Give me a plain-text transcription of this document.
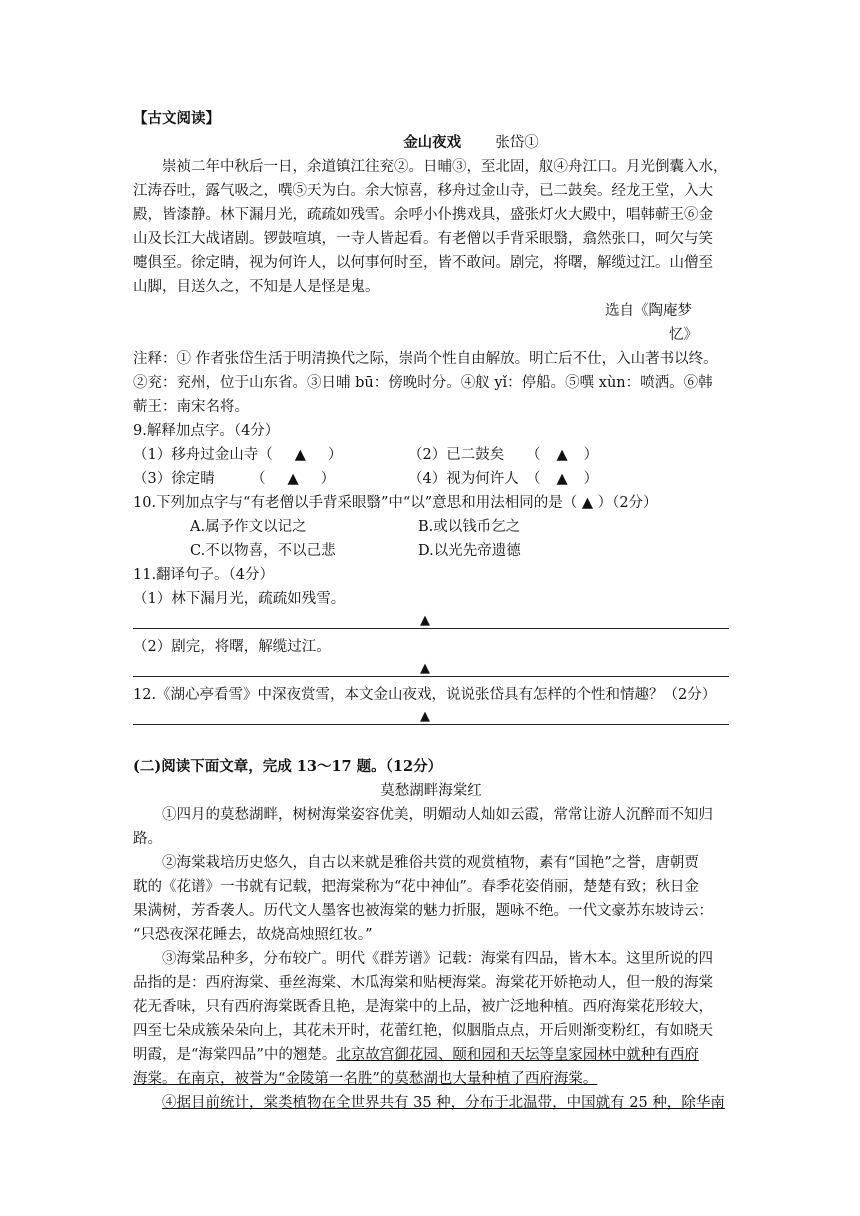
【古文阅读】
金山夜戏 张岱①
崇祯二年中秋后一日，余道镇江往兖②。日晡③，至北固，舣④舟江口。月光倒囊入水，
江涛吞吐，露气吸之，噀⑤天为白。余大惊喜，移舟过金山寺，已二鼓矣。经龙王堂，入大
殿，皆漆静。林下漏月光，疏疏如残雪。余呼小仆携戏具，盛张灯火大殿中，唱韩蕲王⑥金
山及长江大战诸剧。锣鼓喧填，一寺人皆起看。有老僧以手背采眼翳，翕然张口，呵欠与笑
嚏俱至。徐定睛，视为何许人，以何事何时至，皆不敢问。剧完，将曙，解缆过江。山僧至
山脚，目送久之，不知是人是怪是鬼。
选自《陶庵梦
忆》
注释：① 作者张岱生活于明清换代之际，崇尚个性自由解放。明亡后不仕，入山著书以终。
②兖：兖州，位于山东省。③日晡 bū：傍晚时分。④舣 yǐ：停船。⑤噀 xùn：喷洒。⑥韩
蕲王：南宋名将。
9.解释加点字。（4分）
（1）移舟过金山寺（ ▲ ）	（2）已二鼓矣　　（ ▲ ）
（3）徐定睛　　　（ ▲ ）	（4）视为何许人　（ ▲ ）
10.下列加点字与“有老僧以手背采眼翳”中“以”意思和用法相同的是（ ▲ ）（2分）
A.属予作文以记之	B.或以钱币乞之
C.不以物喜，不以己悲	D.以光先帝遗德
11.翻译句子。（4分）
（1）林下漏月光，疏疏如残雪。
▲
（2）剧完，将曙，解缆过江。
▲
12.《湖心亭看雪》中深夜赏雪，本文金山夜戏，说说张岱具有怎样的个性和情趣？（2分）
▲
(二)阅读下面文章，完成 13～17 题。（12分）
莫愁湖畔海棠红
①四月的莫愁湖畔，树树海棠姿容优美，明媚动人灿如云霞，常常让游人沉醉而不知归
路。
②海棠栽培历史悠久，自古以来就是雅俗共赏的观赏植物，素有“国艳”之誉，唐朝贾
耽的《花谱》一书就有记载，把海棠称为“花中神仙”。春季花姿俏丽，楚楚有致；秋日金
果满树，芳香袭人。历代文人墨客也被海棠的魅力折服，题咏不绝。一代文豪苏东坡诗云：
“只恐夜深花睡去，故烧高烛照红妆。”
③海棠品种多，分布较广。明代《群芳谱》记载：海棠有四品，皆木本。这里所说的四
品指的是：西府海棠、垂丝海棠、木瓜海棠和贴梗海棠。海棠花开娇艳动人，但一般的海棠
花无香味，只有西府海棠既香且艳，是海棠中的上品，被广泛地种植。西府海棠花形较大，
四至七朵成簇朵朵向上，其花未开时，花蕾红艳，似胭脂点点，开后则渐变粉红，有如晓天
明霞，是“海棠四品”中的翘楚。北京故宫御花园、颐和园和天坛等皇家园林中就种有西府
海棠。在南京，被誉为“金陵第一名胜”的莫愁湖也大量种植了西府海棠。
④据目前统计，棠类植物在全世界共有 35 种，分布于北温带，中国就有 25 种，除华南
